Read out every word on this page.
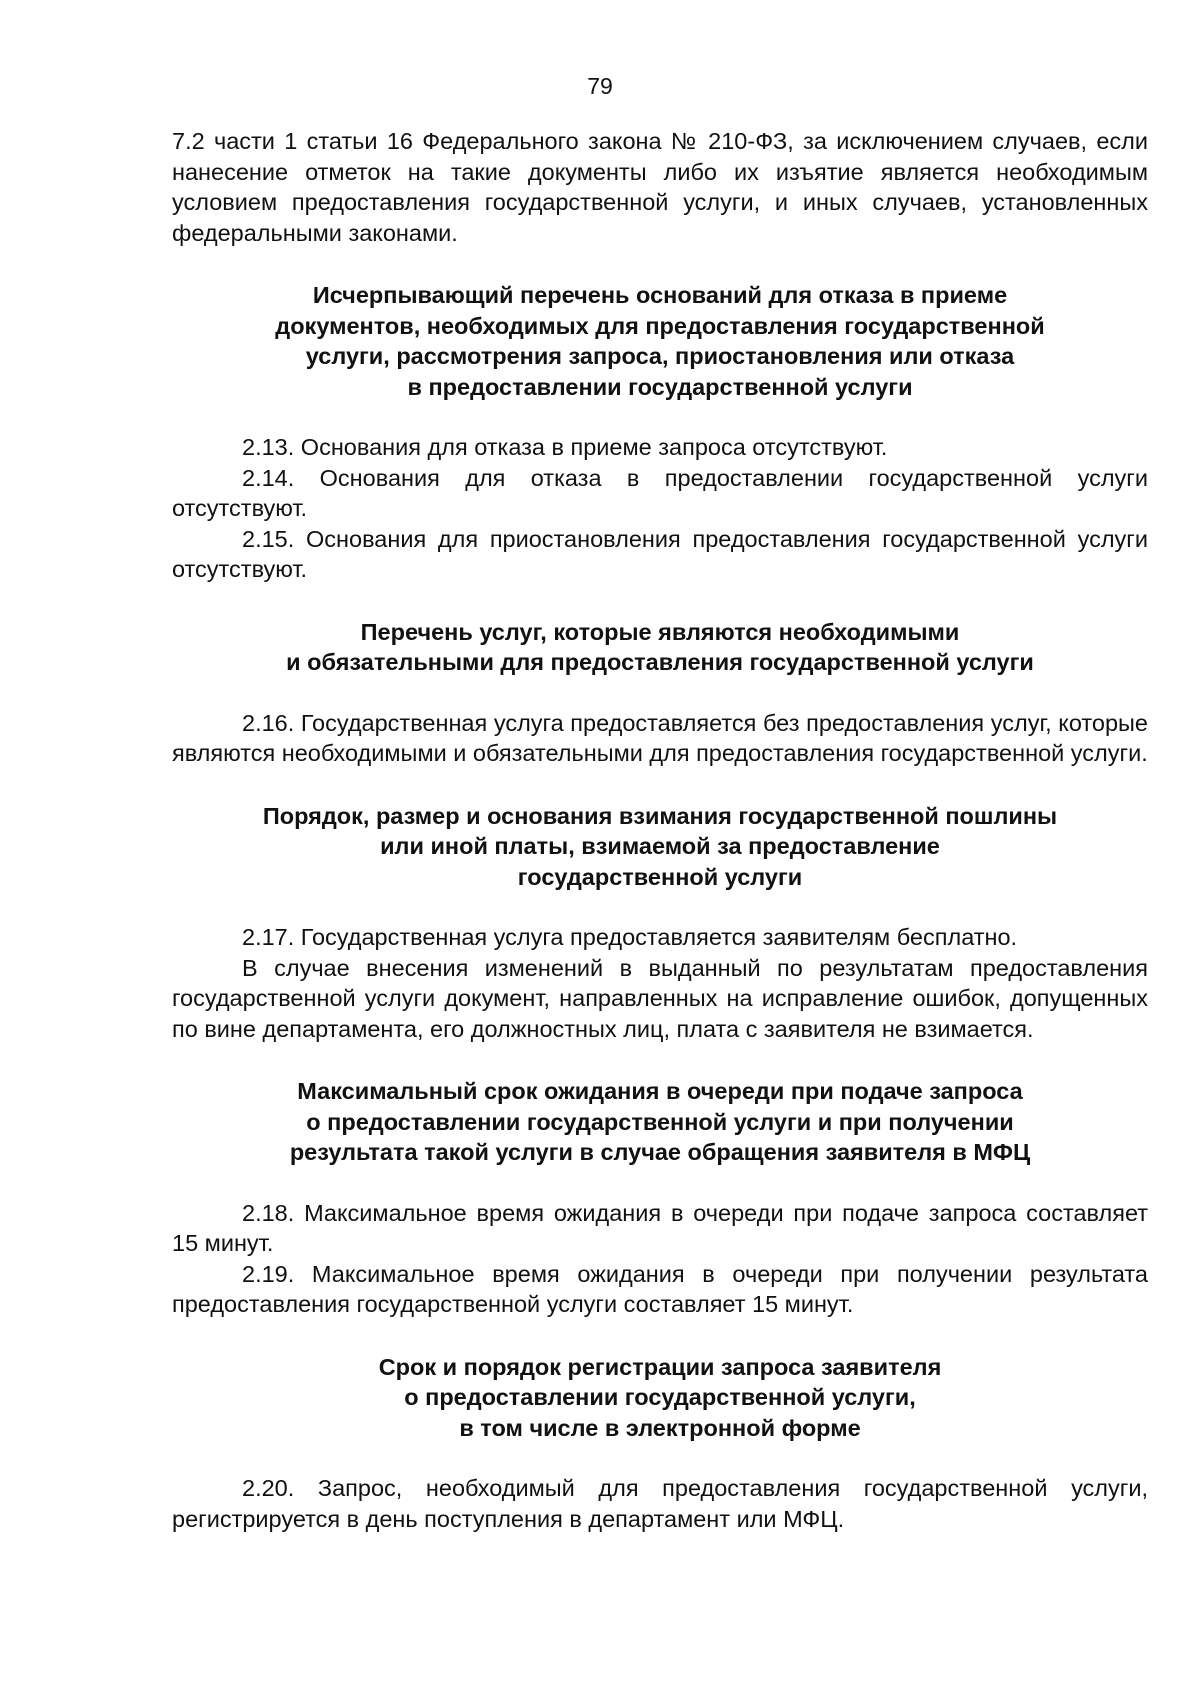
79

7.2 части 1 статьи 16 Федерального закона № 210-ФЗ, за исключением случаев, если нанесение отметок на такие документы либо их изъятие является необходимым условием предоставления государственной услуги, и иных случаев, установленных федеральными законами.

Исчерпывающий перечень оснований для отказа в приеме
документов, необходимых для предоставления государственной
услуги, рассмотрения запроса, приостановления или отказа
в предоставлении государственной услуги

2.13. Основания для отказа в приеме запроса отсутствуют.

2.14. Основания для отказа в предоставлении государственной услуги отсутствуют.

2.15. Основания для приостановления предоставления государственной услуги отсутствуют.

Перечень услуг, которые являются необходимыми
и обязательными для предоставления государственной услуги

2.16. Государственная услуга предоставляется без предоставления услуг, которые являются необходимыми и обязательными для предоставления государственной услуги.

Порядок, размер и основания взимания государственной пошлины
или иной платы, взимаемой за предоставление
государственной услуги

2.17. Государственная услуга предоставляется заявителям бесплатно.

В случае внесения изменений в выданный по результатам предоставления государственной услуги документ, направленных на исправление ошибок, допущенных по вине департамента, его должностных лиц, плата с заявителя не взимается.

Максимальный срок ожидания в очереди при подаче запроса
о предоставлении государственной услуги и при получении
результата такой услуги в случае обращения заявителя в МФЦ

2.18. Максимальное время ожидания в очереди при подаче запроса составляет 15 минут.

2.19. Максимальное время ожидания в очереди при получении результата предоставления государственной услуги составляет 15 минут.

Срок и порядок регистрации запроса заявителя
о предоставлении государственной услуги,
в том числе в электронной форме

2.20. Запрос, необходимый для предоставления государственной услуги, регистрируется в день поступления в департамент или МФЦ.
